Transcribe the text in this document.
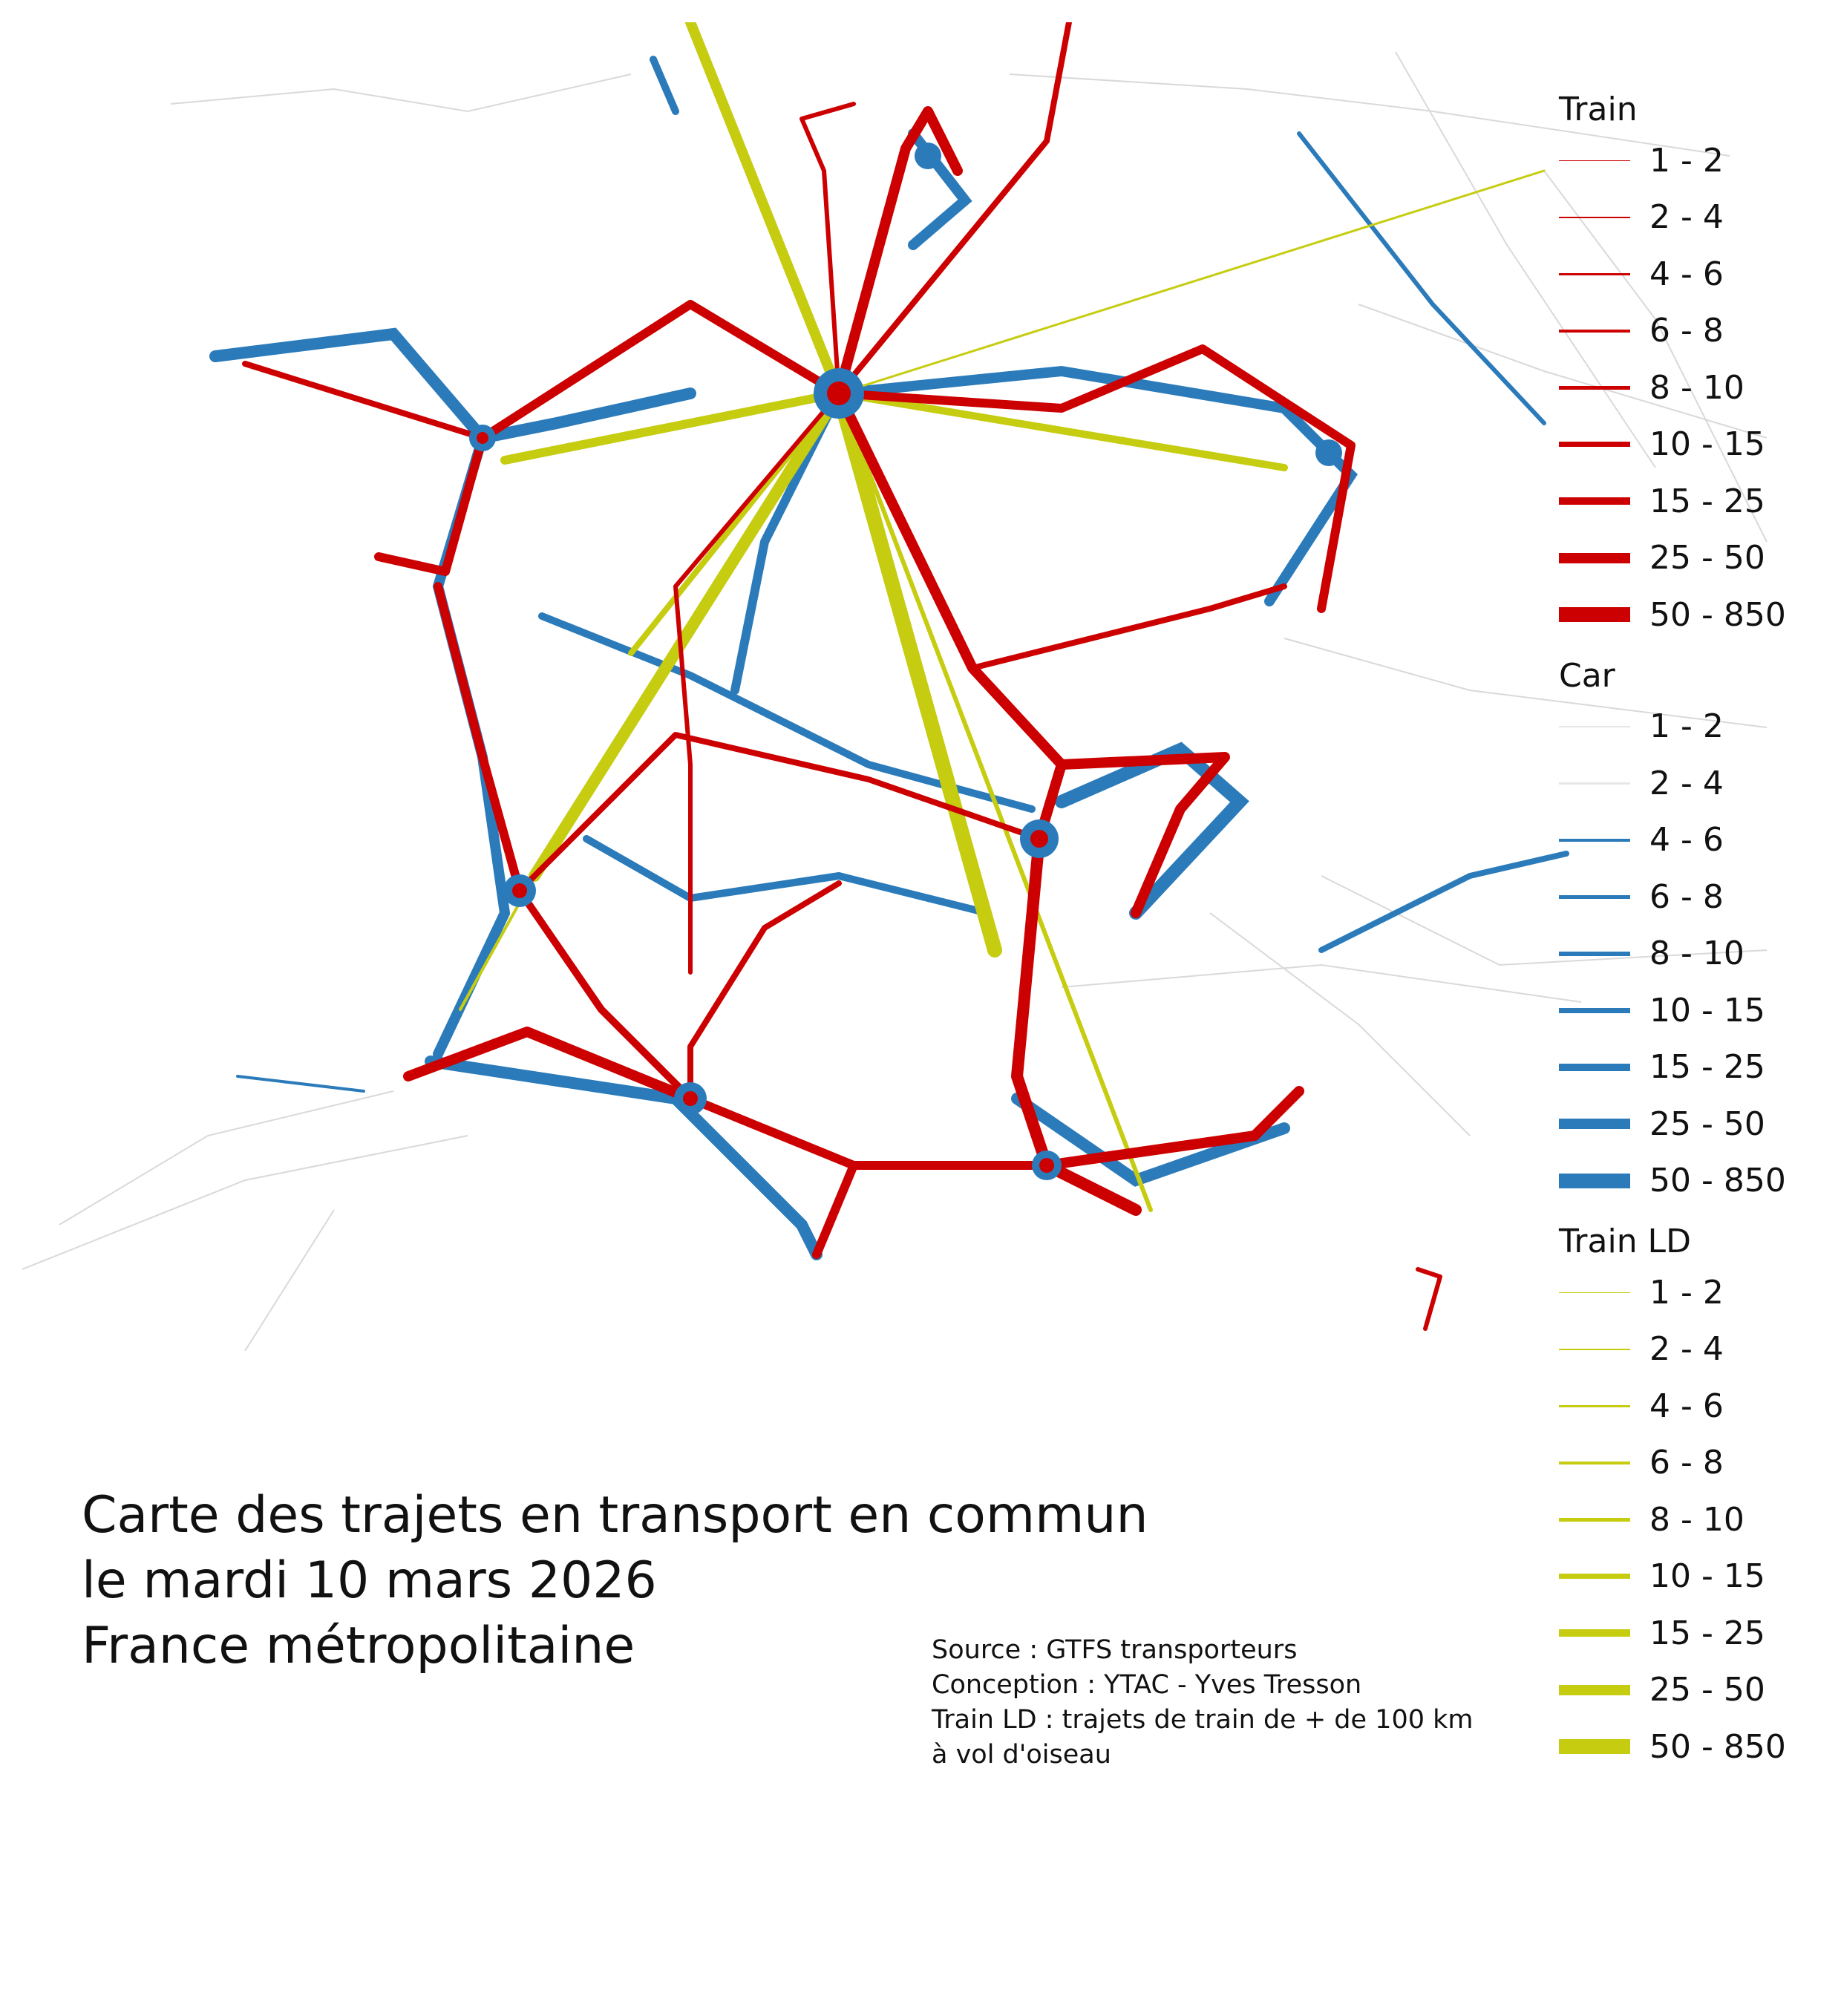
Train
1 - 2
2 - 4
4 - 6
6 - 8
8 - 10
10 - 15
15 - 25
25 - 50
50 - 850
Car
1 - 2
2 - 4
4 - 6
6 - 8
8 - 10
10 - 15
15 - 25
25 - 50
50 - 850
Train LD
1 - 2
2 - 4
4 - 6
6 - 8
8 - 10
10 - 15
15 - 25
25 - 50
50 - 850
Carte des trajets en transport en commun
le mardi 10 mars 2026
France métropolitaine	Source : GTFS transporteurs
Conception : YTAC - Yves Tresson
Train LD : trajets de train de + de 100 km à vol d'oiseau
